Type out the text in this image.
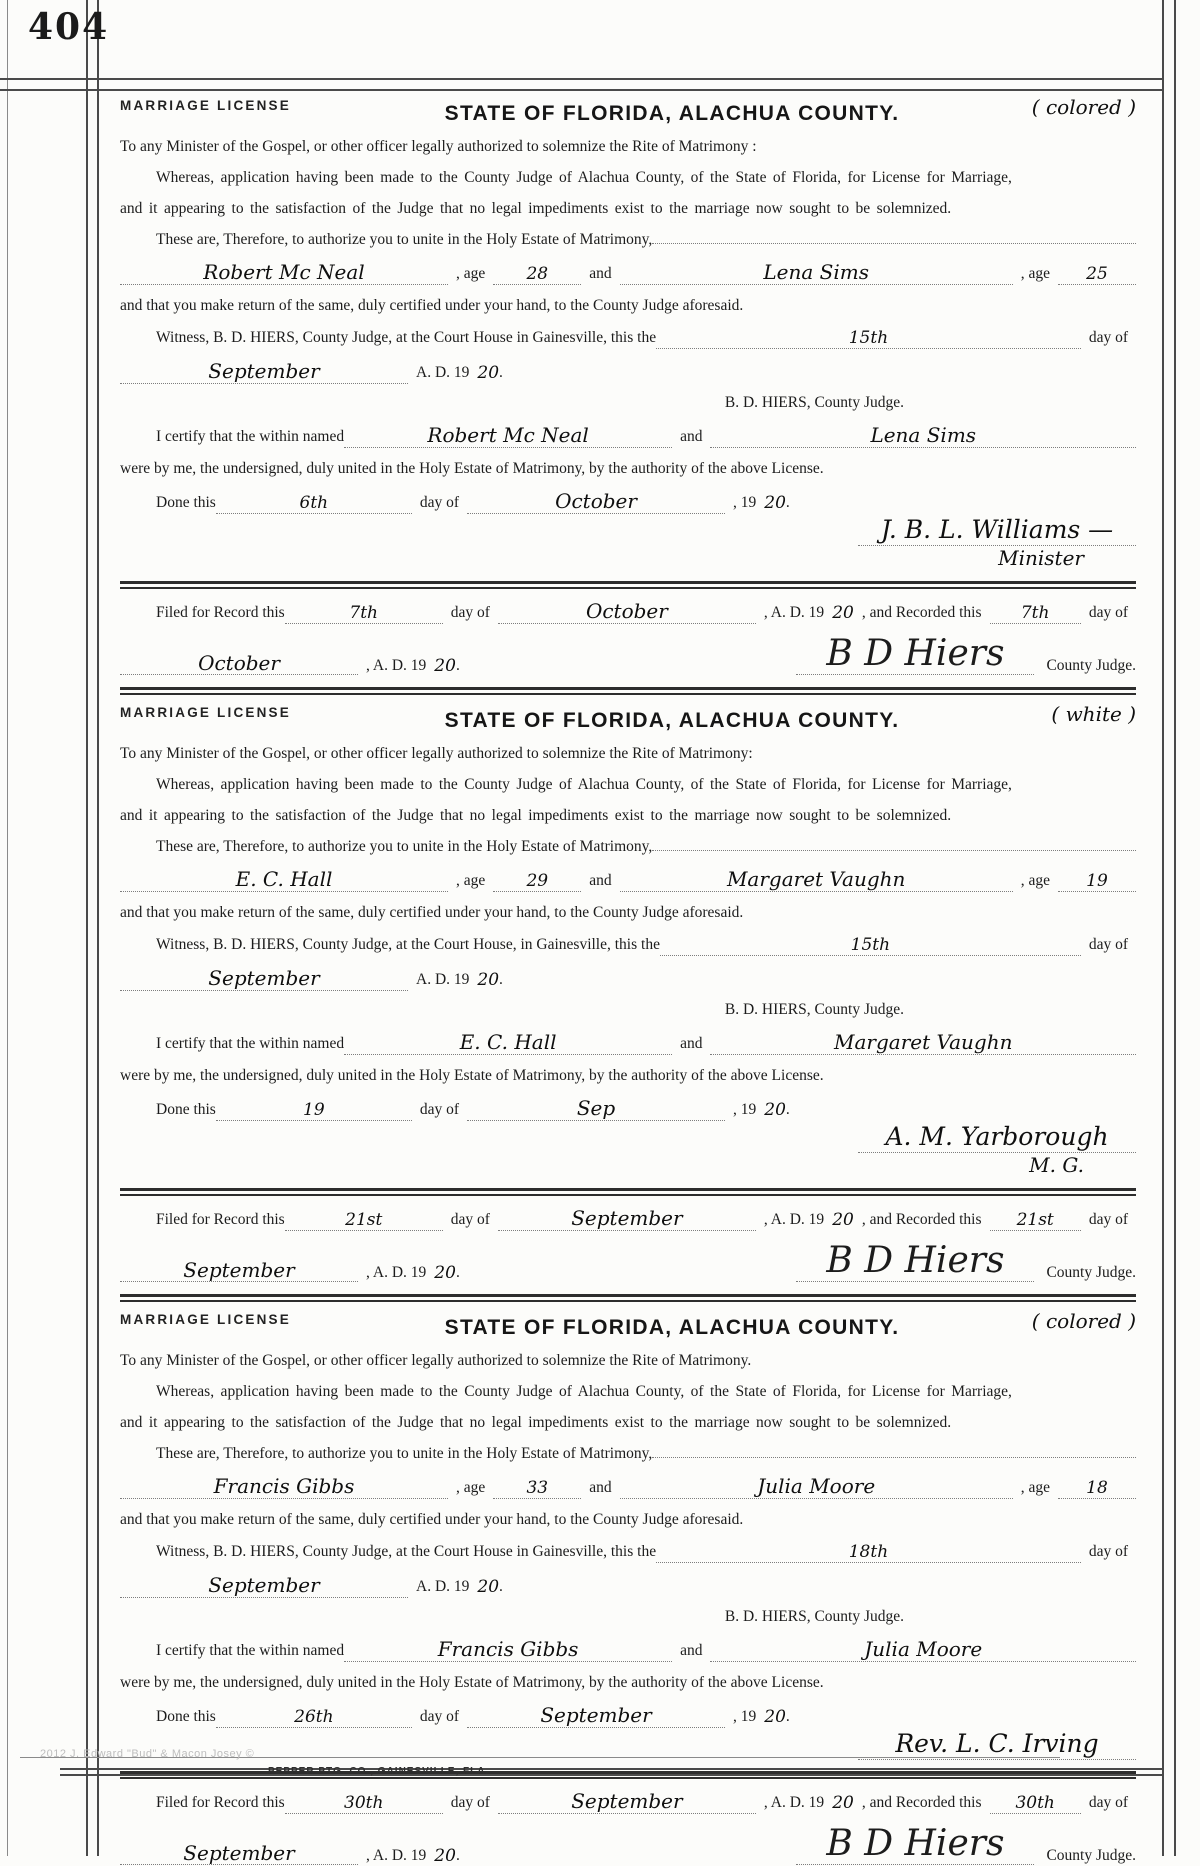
404
MARRIAGE LICENSE	STATE OF FLORIDA, ALACHUA COUNTY.	( colored )
To any Minister of the Gospel, or other officer legally authorized to solemnize the Rite of Matrimony :
Whereas, application having been made to the County Judge of Alachua County, of the State of Florida, for License for Marriage,
and it appearing to the satisfaction of the Judge that no legal impediments exist to the marriage now sought to be solemnized.
These are, Therefore, to authorize you to unite in the Holy Estate of Matrimony,
Robert Mc Neal	, age	28	and	Lena Sims	, age	25
and that you make return of the same, duly certified under your hand, to the County Judge aforesaid.
Witness, B. D. HIERS, County Judge, at the Court House in Gainesville, this the	15th	day of
September	A. D. 19 20 .
B. D. HIERS, County Judge.
I certify that the within named	Robert Mc Neal	and	Lena Sims
were by me, the undersigned, duly united in the Holy Estate of Matrimony, by the authority of the above License.
Done this	6th	day of	October	, 19 20 .
J. B. L. Williams —
Minister
Filed for Record this	7th	day of	October	, A. D. 19 20 , and Recorded this	7th	day of
October	, A. D. 19 20 .	B D Hiers	County Judge.
MARRIAGE LICENSE	STATE OF FLORIDA, ALACHUA COUNTY.	( white )
To any Minister of the Gospel, or other officer legally authorized to solemnize the Rite of Matrimony:
Whereas, application having been made to the County Judge of Alachua County, of the State of Florida, for License for Marriage,
and it appearing to the satisfaction of the Judge that no legal impediments exist to the marriage now sought to be solemnized.
These are, Therefore, to authorize you to unite in the Holy Estate of Matrimony,
E. C. Hall	, age	29	and	Margaret Vaughn	, age	19
and that you make return of the same, duly certified under your hand, to the County Judge aforesaid.
Witness, B. D. HIERS, County Judge, at the Court House, in Gainesville, this the	15th	day of
September	A. D. 19 20 .
B. D. HIERS, County Judge.
I certify that the within named	E. C. Hall	and	Margaret Vaughn
were by me, the undersigned, duly united in the Holy Estate of Matrimony, by the authority of the above License.
Done this	19	day of	Sep	, 19 20 .
A. M. Yarborough
M. G.
Filed for Record this	21st	day of	September	, A. D. 19 20 , and Recorded this	21st	day of
September	, A. D. 19 20 .	B D Hiers	County Judge.
MARRIAGE LICENSE	STATE OF FLORIDA, ALACHUA COUNTY.	( colored )
To any Minister of the Gospel, or other officer legally authorized to solemnize the Rite of Matrimony.
Whereas, application having been made to the County Judge of Alachua County, of the State of Florida, for License for Marriage,
and it appearing to the satisfaction of the Judge that no legal impediments exist to the marriage now sought to be solemnized.
These are, Therefore, to authorize you to unite in the Holy Estate of Matrimony,
Francis Gibbs	, age	33	and	Julia Moore	, age	18
and that you make return of the same, duly certified under your hand, to the County Judge aforesaid.
Witness, B. D. HIERS, County Judge, at the Court House in Gainesville, this the	18th	day of
September	A. D. 19 20 .
B. D. HIERS, County Judge.
I certify that the within named	Francis Gibbs	and	Julia Moore
were by me, the undersigned, duly united in the Holy Estate of Matrimony, by the authority of the above License.
Done this	26th	day of	September	, 19 20 .
Rev. L. C. Irving
Filed for Record this	30th	day of	September	, A. D. 19 20 , and Recorded this	30th	day of
September	, A. D. 19 20 .	B D Hiers	County Judge.
2012 J. Edward "Bud" & Macon Josey ©
PEPPER PTG. CO., GAINESVILLE, FLA.
